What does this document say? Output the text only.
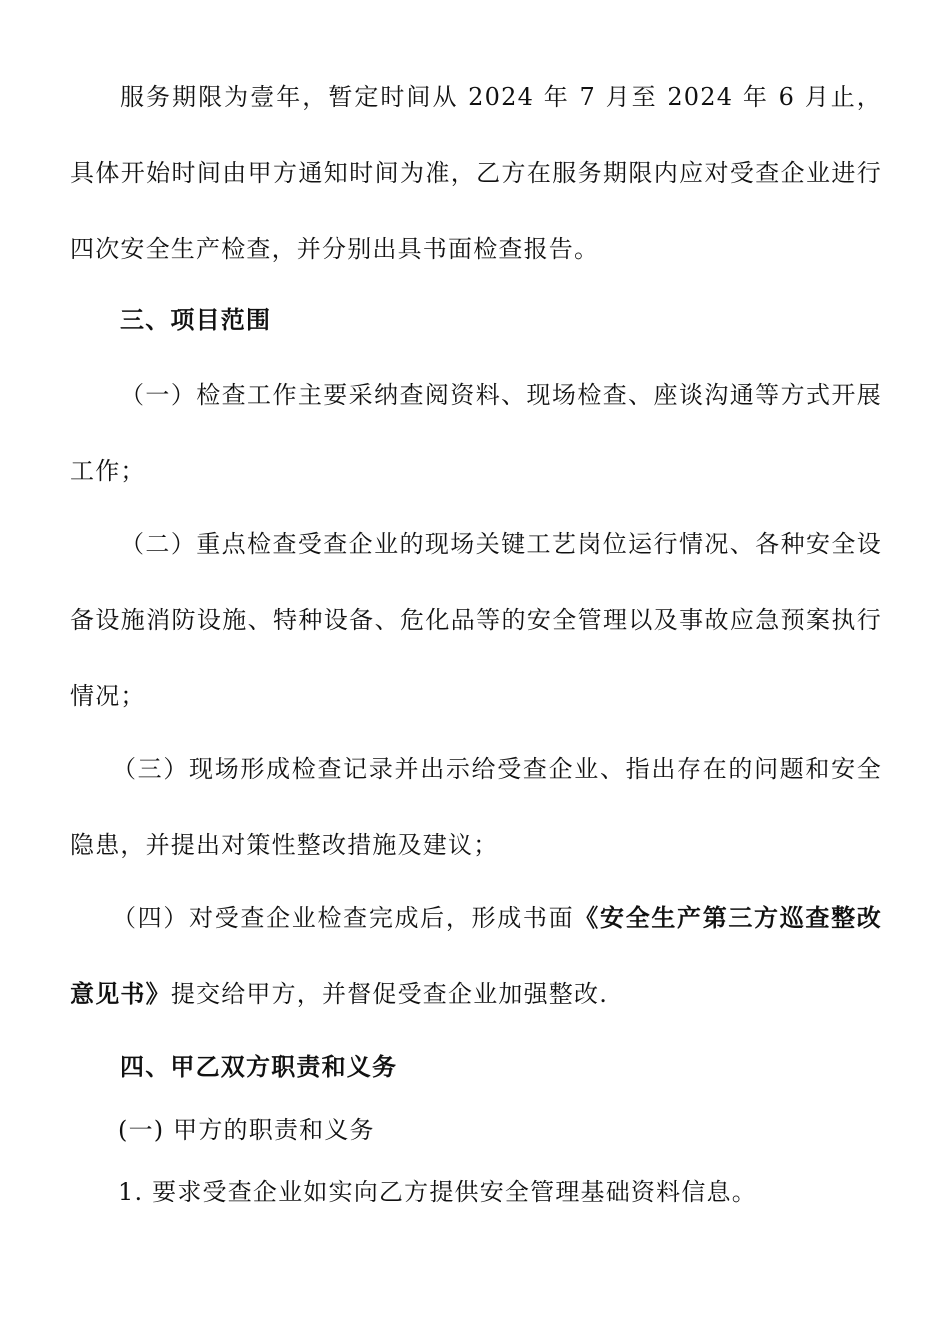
服务期限为壹年，暂定时间从 2024 年 7 月至 2024 年 6 月止，具体开始时间由甲方通知时间为准，乙方在服务期限内应对受查企业进行四次安全生产检查，并分别出具书面检查报告。

三、项目范围

（一）检查工作主要采纳查阅资料、现场检查、座谈沟通等方式开展工作；

（二）重点检查受查企业的现场关键工艺岗位运行情况、各种安全设备设施消防设施、特种设备、危化品等的安全管理以及事故应急预案执行情况；

（三）现场形成检查记录并出示给受查企业、指出存在的问题和安全隐患，并提出对策性整改措施及建议；

（四）对受查企业检查完成后，形成书面《安全生产第三方巡查整改意见书》提交给甲方，并督促受查企业加强整改.

四、甲乙双方职责和义务

(一) 甲方的职责和义务

1. 要求受查企业如实向乙方提供安全管理基础资料信息。
